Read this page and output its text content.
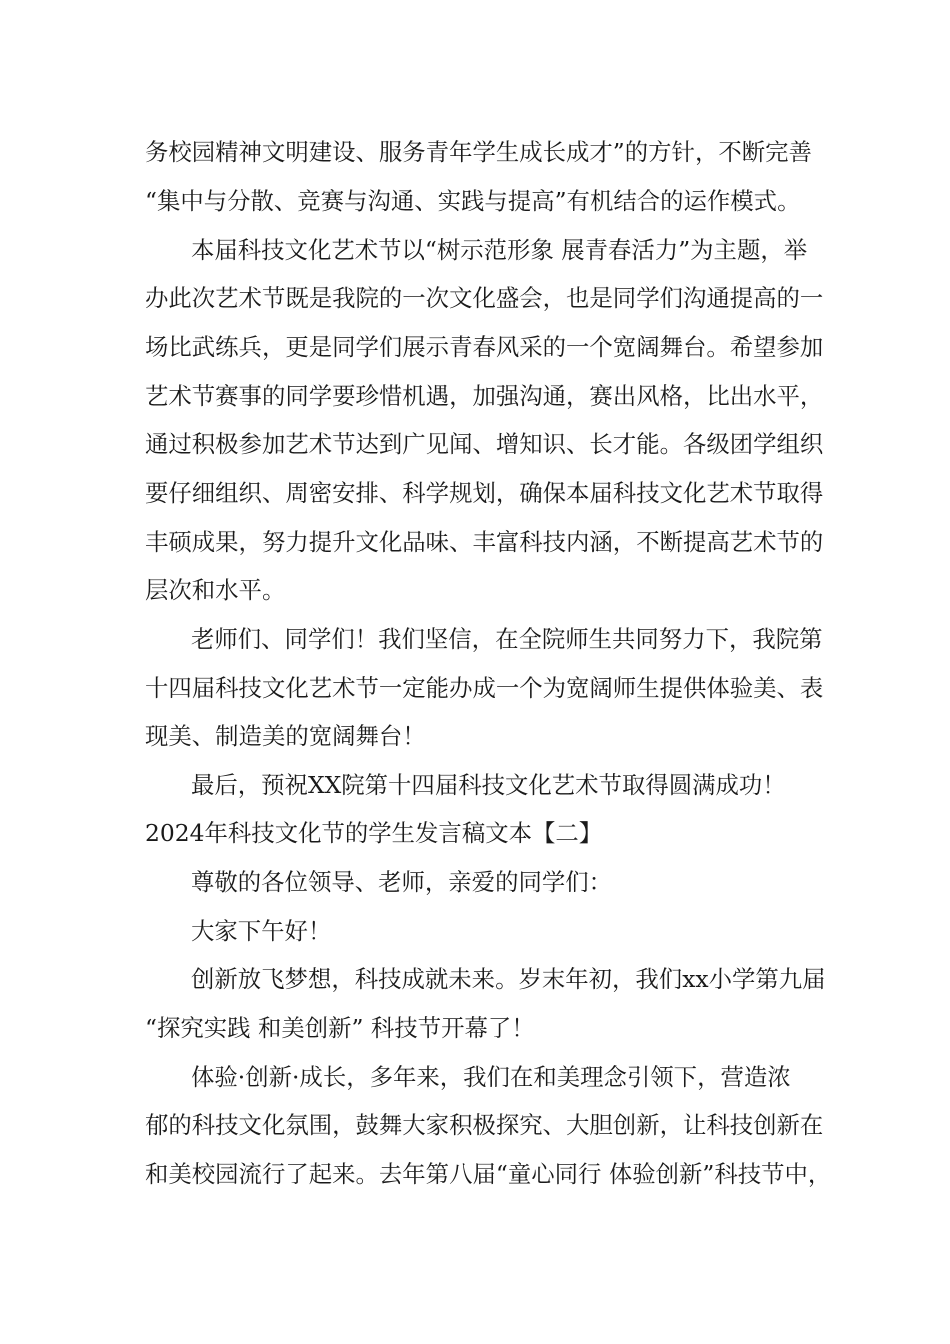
务校园精神文明建设、服务青年学生成长成才”的方针，不断完善
“集中与分散、竞赛与沟通、实践与提高”有机结合的运作模式。
本届科技文化艺术节以“树示范形象 展青春活力”为主题，举
办此次艺术节既是我院的一次文化盛会，也是同学们沟通提高的一
场比武练兵，更是同学们展示青春风采的一个宽阔舞台。希望参加
艺术节赛事的同学要珍惜机遇，加强沟通，赛出风格，比出水平，
通过积极参加艺术节达到广见闻、增知识、长才能。各级团学组织
要仔细组织、周密安排、科学规划，确保本届科技文化艺术节取得
丰硕成果，努力提升文化品味、丰富科技内涵，不断提高艺术节的
层次和水平。
老师们、同学们！我们坚信，在全院师生共同努力下，我院第
十四届科技文化艺术节一定能办成一个为宽阔师生提供体验美、表
现美、制造美的宽阔舞台！
最后，预祝XX院第十四届科技文化艺术节取得圆满成功！
2024年科技文化节的学生发言稿文本【二】
尊敬的各位领导、老师，亲爱的同学们：
大家下午好！
创新放飞梦想，科技成就未来。岁末年初，我们xx小学第九届
“探究实践 和美创新” 科技节开幕了！
体验·创新·成长，多年来，我们在和美理念引领下，营造浓
郁的科技文化氛围，鼓舞大家积极探究、大胆创新，让科技创新在
和美校园流行了起来。去年第八届“童心同行 体验创新”科技节中，
